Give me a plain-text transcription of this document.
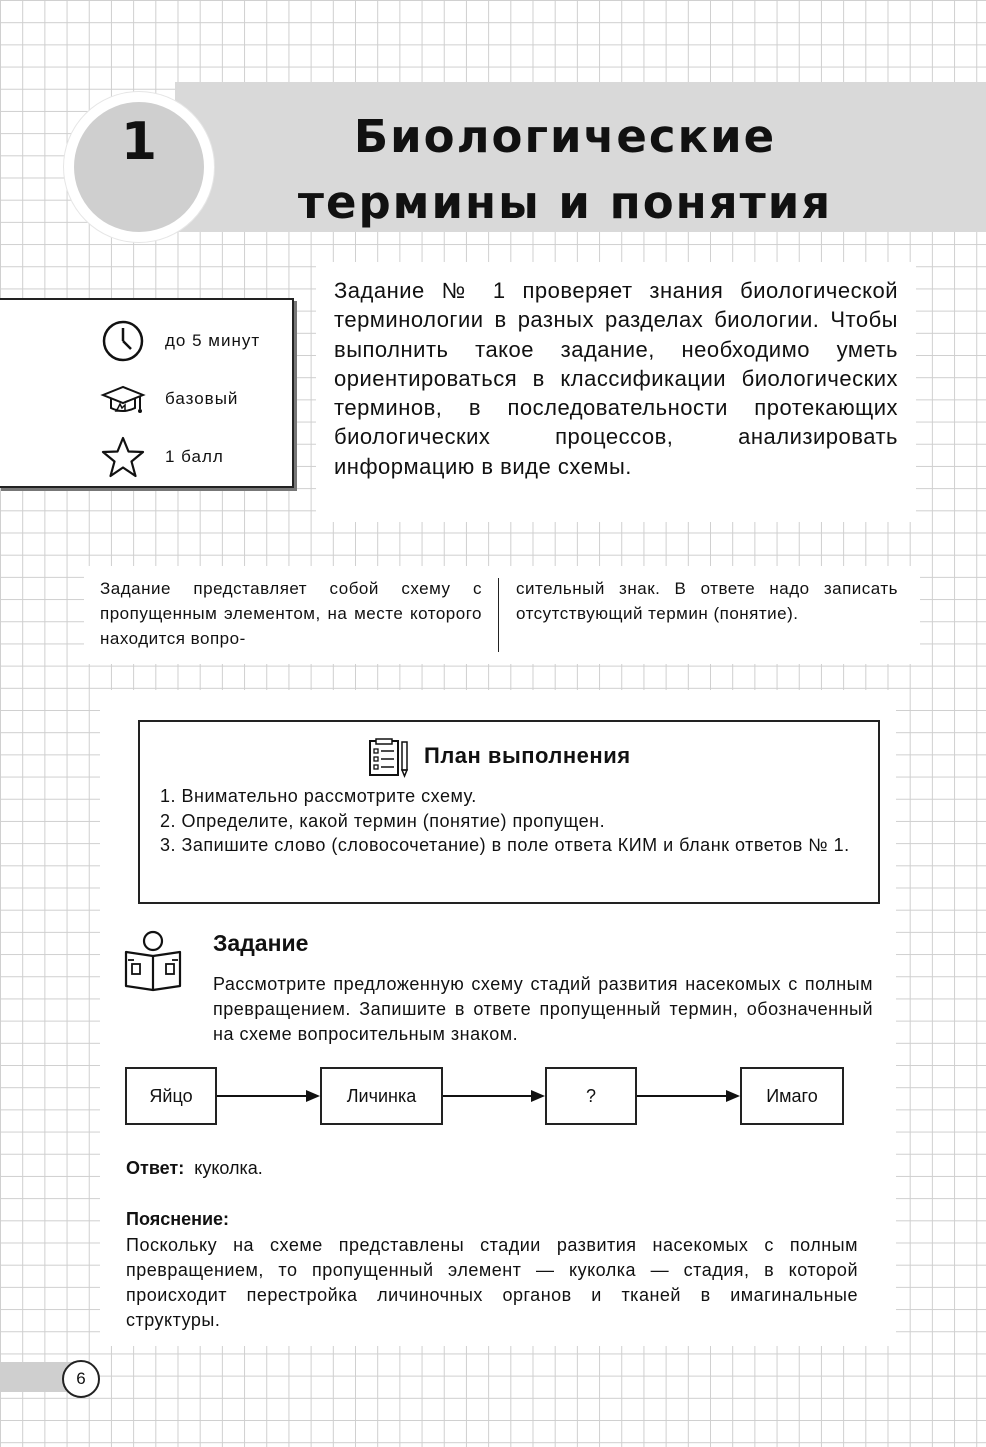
1	Биологические
термины и понятия
до 5 минут
базовый
1 балл
Задание № 1 проверяет знания биологической терминологии в разных разделах биологии. Чтобы выполнить такое задание, необходимо уметь ориентироваться в классификации биологических терминов, в последовательности протекающих биологических процессов, анализировать информацию в виде схемы.
Задание представляет собой схему с пропущенным элементом, на месте которого находится вопро-
сительный знак. В ответе надо записать отсутствующий термин (понятие).
План выполнения
1. Внимательно рассмотрите схему.
2. Определите, какой термин (понятие) пропущен.
3. Запишите слово (словосочетание) в поле ответа КИМ и бланк ответов № 1.
Задание
Рассмотрите предложенную схему стадий развития насекомых с полным превращением. Запишите в ответе пропущенный термин, обозначенный на схеме вопросительным знаком.
Яйцо	Личинка	?	Имаго
Ответ: куколка.
Пояснение:
Поскольку на схеме представлены стадии развития насекомых с полным превращением, то пропущенный элемент — куколка — стадия, в которой происходит перестройка личиночных органов и тканей в имагинальные структуры.
6
